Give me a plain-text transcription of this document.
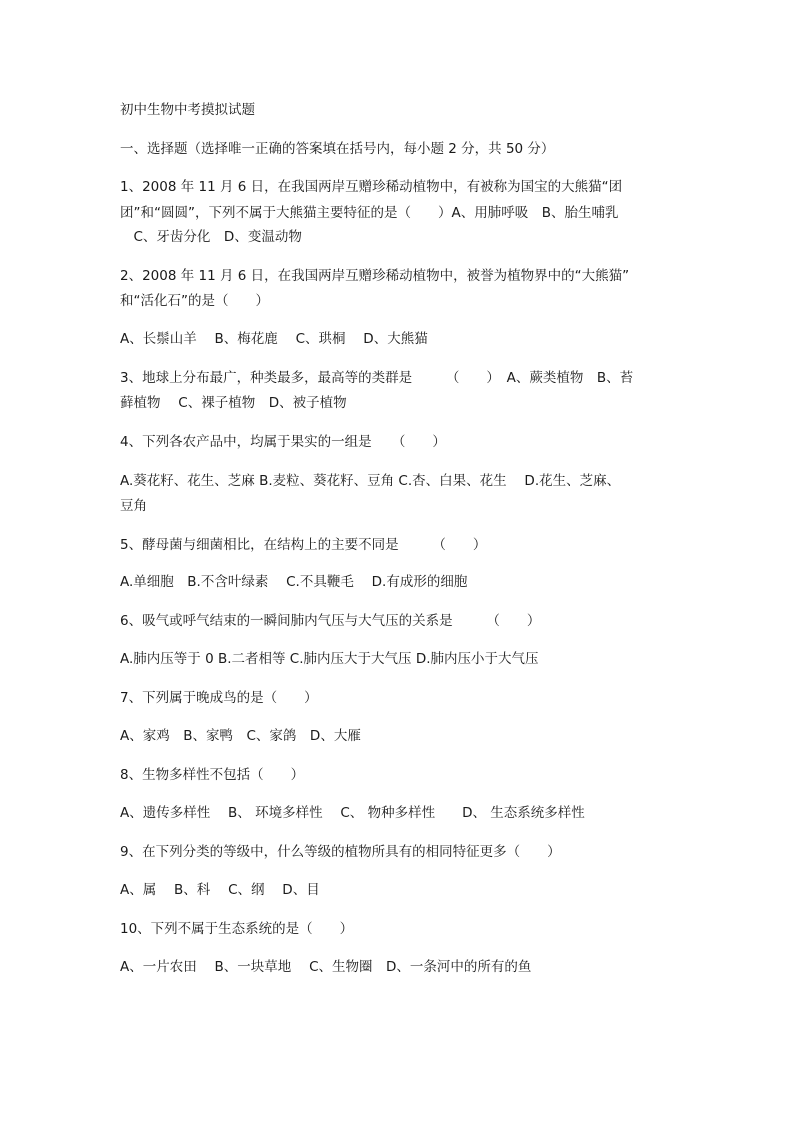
初中生物中考摸拟试题
一、选择题（选择唯一正确的答案填在括号内，每小题 2 分，共 50 分）
1、2008 年 11 月 6 日，在我国两岸互赠珍稀动植物中，有被称为国宝的大熊猫“团
团”和“圆圆”，下列不属于大熊猫主要特征的是（　　）A、用肺呼吸　B、胎生哺乳
　C、牙齿分化　D、变温动物
2、2008 年 11 月 6 日，在我国两岸互赠珍稀动植物中，被誉为植物界中的“大熊猫”
和“活化石”的是（　　）
A、长鬃山羊　 B、梅花鹿　 C、珙桐　 D、大熊猫
3、地球上分布最广，种类最多，最高等的类群是　　　（　　）　A、蕨类植物　B、苔
藓植物　 C、裸子植物　D、被子植物
4、下列各农产品中，均属于果实的一组是　　（　　）
A.葵花籽、花生、芝麻 B.麦粒、葵花籽、豆角 C.杏、白果、花生　 D.花生、芝麻、
豆角
5、酵母菌与细菌相比，在结构上的主要不同是　　　（　　）
A.单细胞　B.不含叶绿素　 C.不具鞭毛　 D.有成形的细胞
6、吸气或呼气结束的一瞬间肺内气压与大气压的关系是　　　（　　）
A.肺内压等于 0 B.二者相等 C.肺内压大于大气压 D.肺内压小于大气压
7、下列属于晚成鸟的是（　　）
A、家鸡　B、家鸭　C、家鸽　D、大雁
8、生物多样性不包括（　　）
A、遗传多样性　 B、 环境多样性　 C、 物种多样性　　D、 生态系统多样性
9、在下列分类的等级中，什么等级的植物所具有的相同特征更多（　　）
A、属　 B、科　 C、纲　 D、目
10、下列不属于生态系统的是（　　）
A、一片农田　 B、一块草地　 C、生物圈　D、一条河中的所有的鱼
